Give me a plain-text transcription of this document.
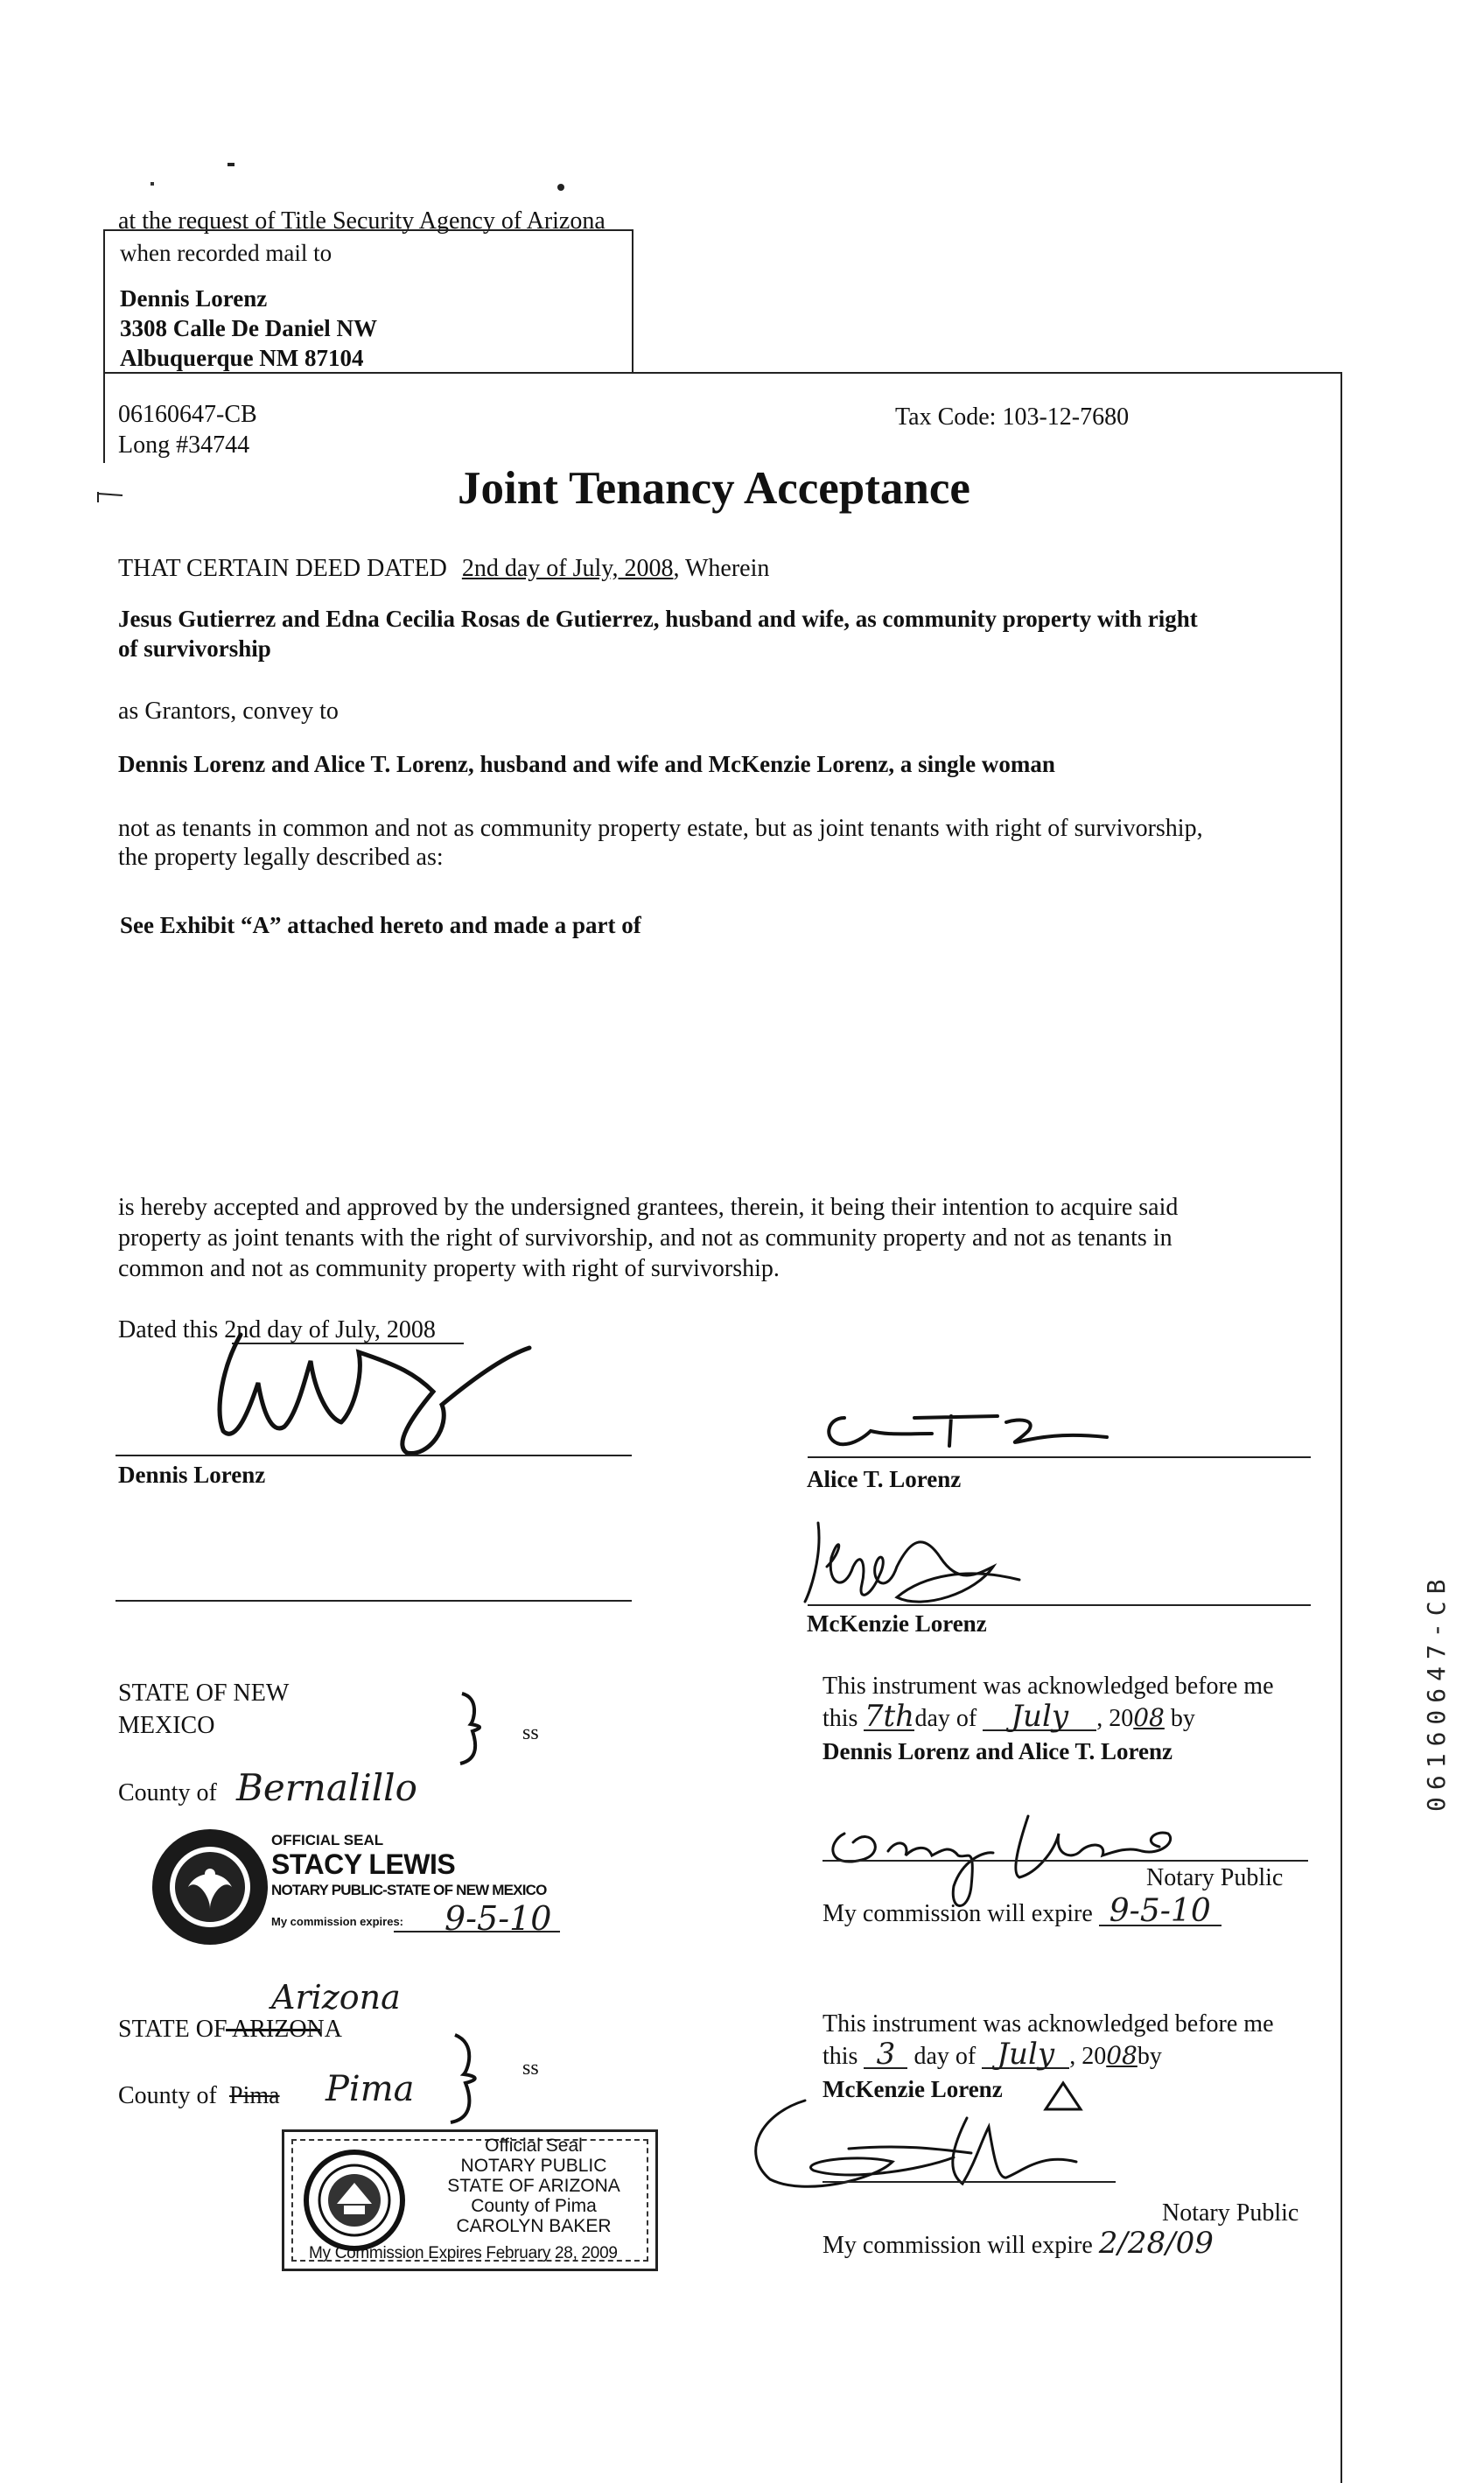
at the request of Title Security Agency of Arizona
when recorded mail to
Dennis Lorenz
3308 Calle De Daniel NW
Albuquerque NM 87104
06160647-CB
Long #34744
Tax Code: 103-12-7680
Joint Tenancy Acceptance
THAT CERTAIN DEED DATED 2nd day of July, 2008, Wherein
Jesus Gutierrez and Edna Cecilia Rosas de Gutierrez, husband and wife, as community property with right
of survivorship
as Grantors, convey to
Dennis Lorenz and Alice T. Lorenz, husband and wife and McKenzie Lorenz, a single woman
not as tenants in common and not as community property estate, but as joint tenants with right of survivorship,
the property legally described as:
See Exhibit “A” attached hereto and made a part of
is hereby accepted and approved by the undersigned grantees, therein, it being their intention to acquire said
property as joint tenants with the right of survivorship, and not as community property and not as tenants in
common and not as community property with right of survivorship.
Dated this 2nd day of July, 2008
Dennis Lorenz	Alice T. Lorenz
McKenzie Lorenz
STATE OF NEW
MEXICO	ss
County of Bernalillo
OFFICIAL SEAL
STACY LEWIS
NOTARY PUBLIC-STATE OF NEW MEXICO
My commission expires: 9-5-10
This instrument was acknowledged before me
this 7thday of July , 2008 by
Dennis Lorenz and Alice T. Lorenz
Notary Public
My commission will expire 9-5-10
Arizona
STATE OF ARIZONA
County of Pima Pima
ss
Official Seal
NOTARY PUBLIC
STATE OF ARIZONA
County of Pima
CAROLYN BAKER
My Commission Expires February 28, 2009
This instrument was acknowledged before me
this 3 day of July , 2008by
McKenzie Lorenz
Notary Public
My commission will expire 2/28/09
06160647-CB
